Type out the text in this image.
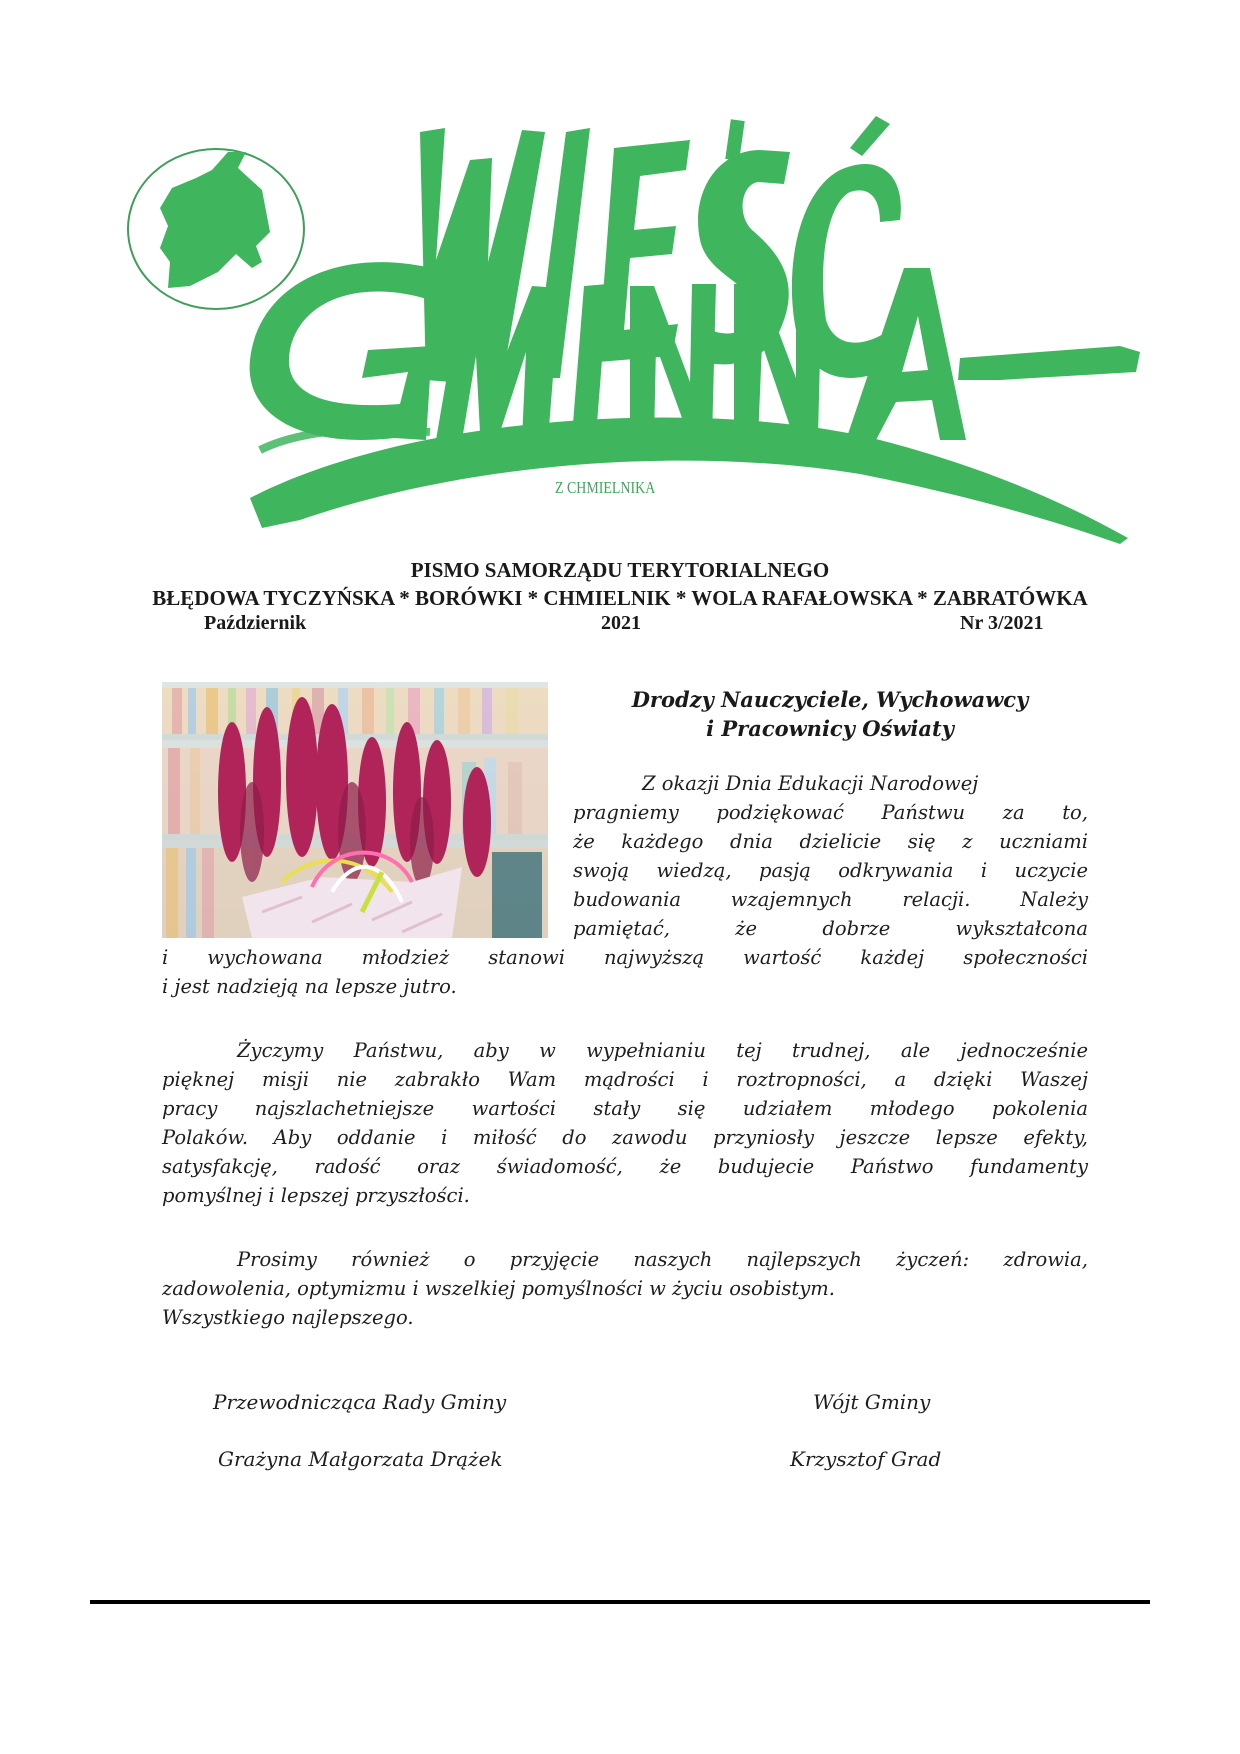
Z CHMIELNIKA
PISMO SAMORZĄDU TERYTORIALNEGO
BŁĘDOWA TYCZYŃSKA * BORÓWKI * CHMIELNIK * WOLA RAFAŁOWSKA * ZABRATÓWKA
Październik	2021	Nr 3/2021
Drodzy Nauczyciele, Wychowawcy
i Pracownicy Oświaty
Z okazji Dnia Edukacji Narodowej
pragniemy podziękować Państwu za to,
że każdego dnia dzielicie się z uczniami
swoją wiedzą, pasją odkrywania i uczycie
budowania wzajemnych relacji. Należy
pamiętać, że dobrze wykształcona
i wychowana młodzież stanowi najwyższą wartość każdej społeczności
i jest nadzieją na lepsze jutro.
Życzymy Państwu, aby w wypełnianiu tej trudnej, ale jednocześnie
pięknej misji nie zabrakło Wam mądrości i roztropności, a dzięki Waszej
pracy najszlachetniejsze wartości stały się udziałem młodego pokolenia
Polaków. Aby oddanie i miłość do zawodu przyniosły jeszcze lepsze efekty,
satysfakcję, radość oraz świadomość, że budujecie Państwo fundamenty
pomyślnej i lepszej przyszłości.
Prosimy również o przyjęcie naszych najlepszych życzeń: zdrowia,
zadowolenia, optymizmu i wszelkiej pomyślności w życiu osobistym.
Wszystkiego najlepszego.
Przewodnicząca Rady Gminy
Grażyna Małgorzata Drążek
Wójt Gminy
Krzysztof Grad
